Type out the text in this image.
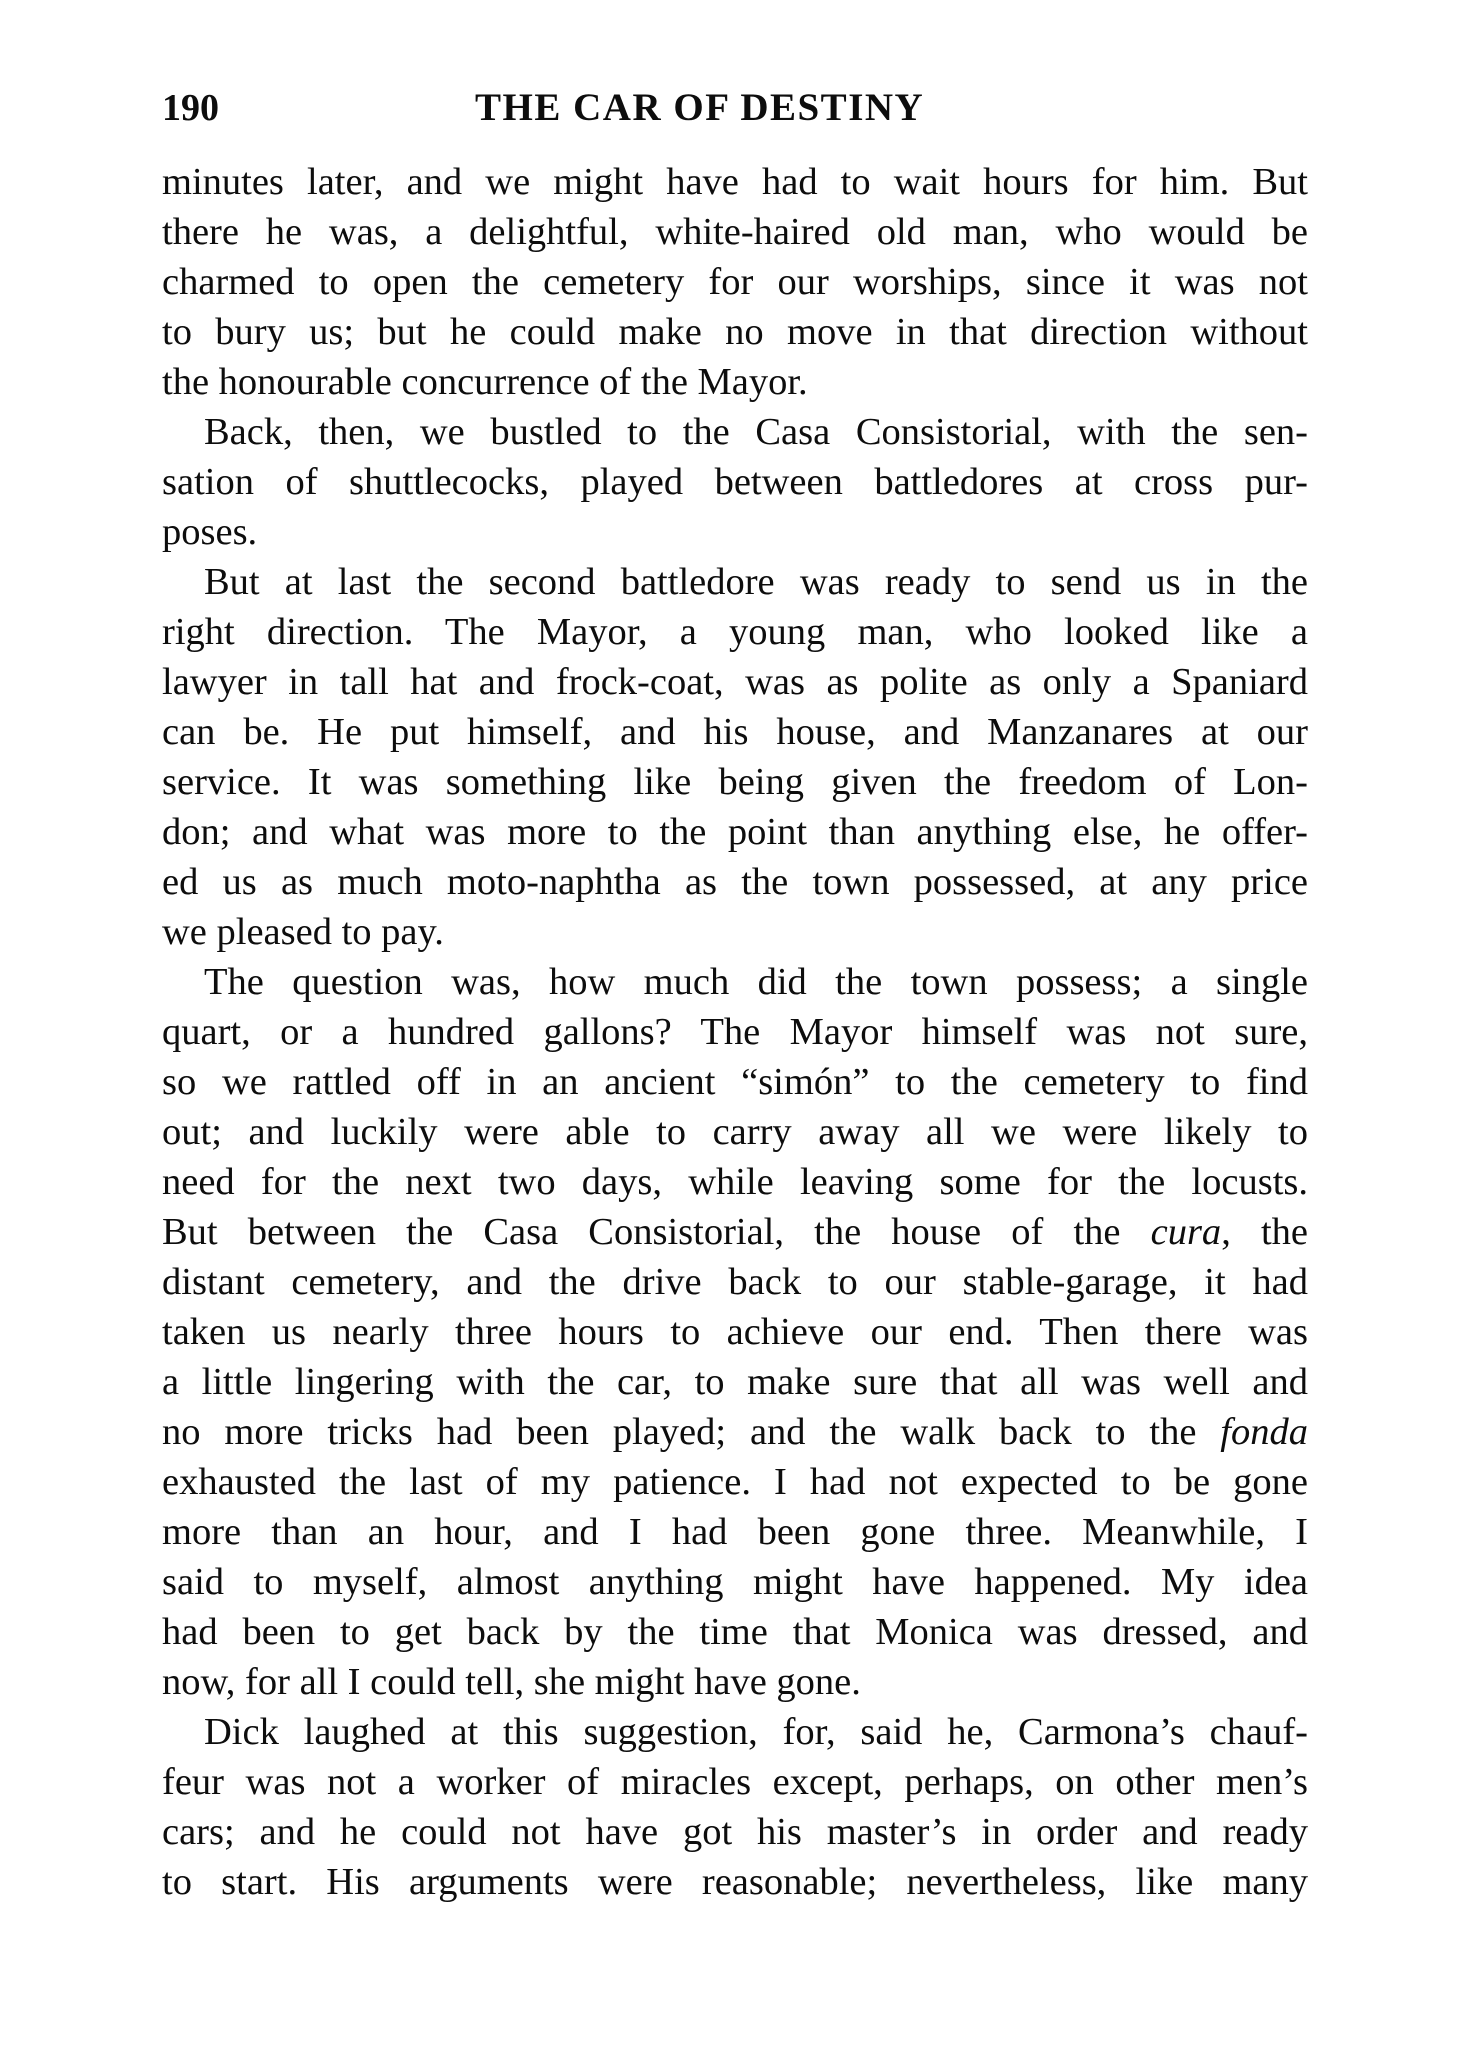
190	THE CAR OF DESTINY
minutes later, and we might have had to wait hours for him. But
there he was, a delightful, white-haired old man, who would be
charmed to open the cemetery for our worships, since it was not
to bury us; but he could make no move in that direction without
the honourable concurrence of the Mayor.
Back, then, we bustled to the Casa Consistorial, with the sen-
sation of shuttlecocks, played between battledores at cross pur-
poses.
But at last the second battledore was ready to send us in the
right direction. The Mayor, a young man, who looked like a
lawyer in tall hat and frock-coat, was as polite as only a Spaniard
can be. He put himself, and his house, and Manzanares at our
service. It was something like being given the freedom of Lon-
don; and what was more to the point than anything else, he offer-
ed us as much moto-naphtha as the town possessed, at any price
we pleased to pay.
The question was, how much did the town possess; a single
quart, or a hundred gallons? The Mayor himself was not sure,
so we rattled off in an ancient “simón” to the cemetery to find
out; and luckily were able to carry away all we were likely to
need for the next two days, while leaving some for the locusts.
But between the Casa Consistorial, the house of the cura, the
distant cemetery, and the drive back to our stable-garage, it had
taken us nearly three hours to achieve our end. Then there was
a little lingering with the car, to make sure that all was well and
no more tricks had been played; and the walk back to the fonda
exhausted the last of my patience. I had not expected to be gone
more than an hour, and I had been gone three. Meanwhile, I
said to myself, almost anything might have happened. My idea
had been to get back by the time that Monica was dressed, and
now, for all I could tell, she might have gone.
Dick laughed at this suggestion, for, said he, Carmona’s chauf-
feur was not a worker of miracles except, perhaps, on other men’s
cars; and he could not have got his master’s in order and ready
to start. His arguments were reasonable; nevertheless, like many
